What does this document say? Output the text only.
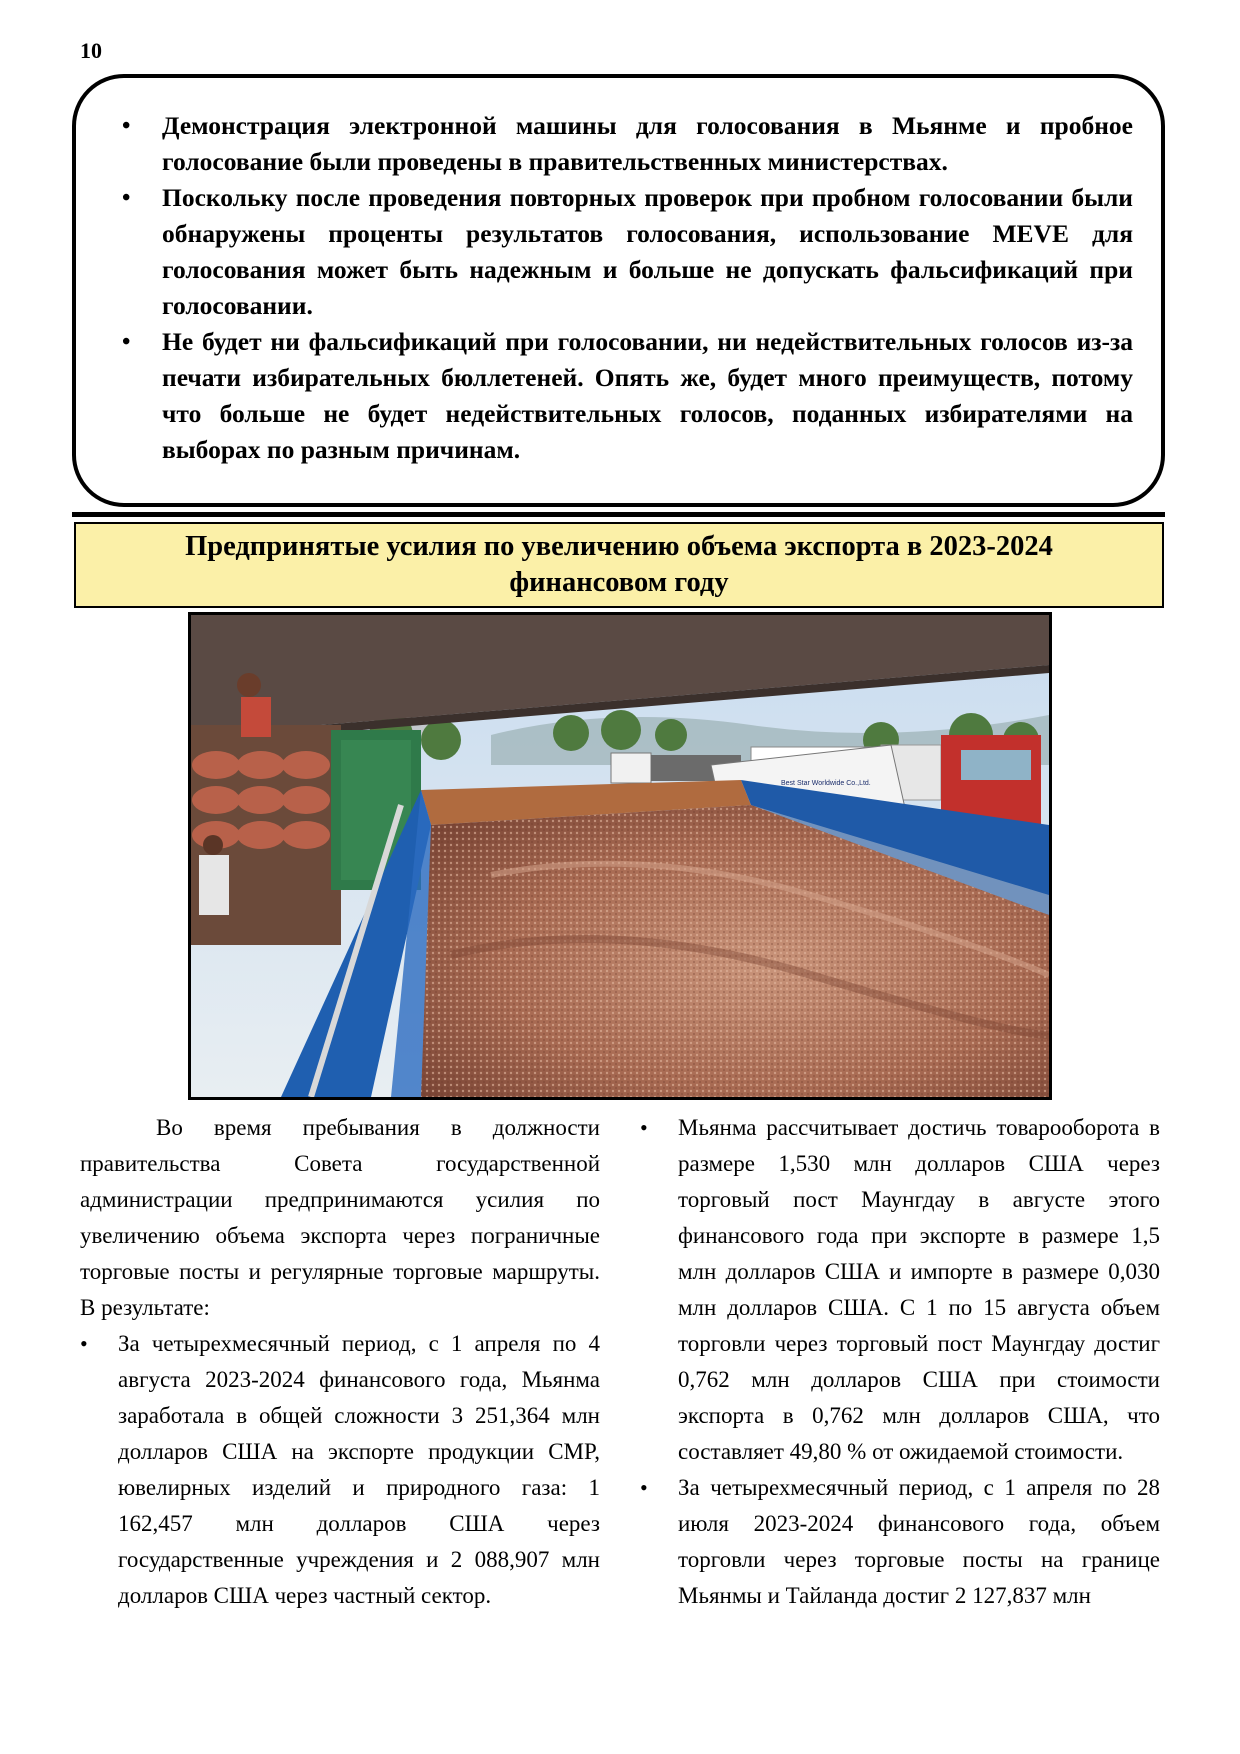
10
• Демонстрация электронной машины для голосования в Мьянме и пробное голосование были проведены в правительственных министерствах.
• Поскольку после проведения повторных проверок при пробном голосовании были обнаружены проценты результатов голосования, использование MEVE для голосования может быть надежным и больше не допускать фальсификаций при голосовании.
• Не будет ни фальсификаций при голосовании, ни недействительных голосов из-за печати избирательных бюллетеней. Опять же, будет много преимуществ, потому что больше не будет недействительных голосов, поданных избирателями на выборах по разным причинам.
Предпринятые усилия по увеличению объема экспорта в 2023-2024 финансовом году
Best Star Worldwide Co.,Ltd.

Во время пребывания в должности правительства Совета государственной администрации предпринимаются усилия по увеличению объема экспорта через пограничные торговые посты и регулярные торговые маршруты. В результате:

• За четырехмесячный период, с 1 апреля по 4 августа 2023-2024 финансового года, Мьянма заработала в общей сложности 3 251,364 млн долларов США на экспорте продукции CMP, ювелирных изделий и природного газа: 1 162,457 млн долларов США через государственные учреждения и 2 088,907 млн долларов США через частный сектор.
• Мьянма рассчитывает достичь товарооборота в размере 1,530 млн долларов США через торговый пост Маунгдау в августе этого финансового года при экспорте в размере 1,5 млн долларов США и импорте в размере 0,030 млн долларов США. С 1 по 15 августа объем торговли через торговый пост Маунгдау достиг 0,762 млн долларов США при стоимости экспорта в 0,762 млн долларов США, что составляет 49,80 % от ожидаемой стоимости.
• За четырехмесячный период, с 1 апреля по 28 июля 2023-2024 финансового года, объем торговли через торговые посты на границе Мьянмы и Тайланда достиг 2 127,837 млн
